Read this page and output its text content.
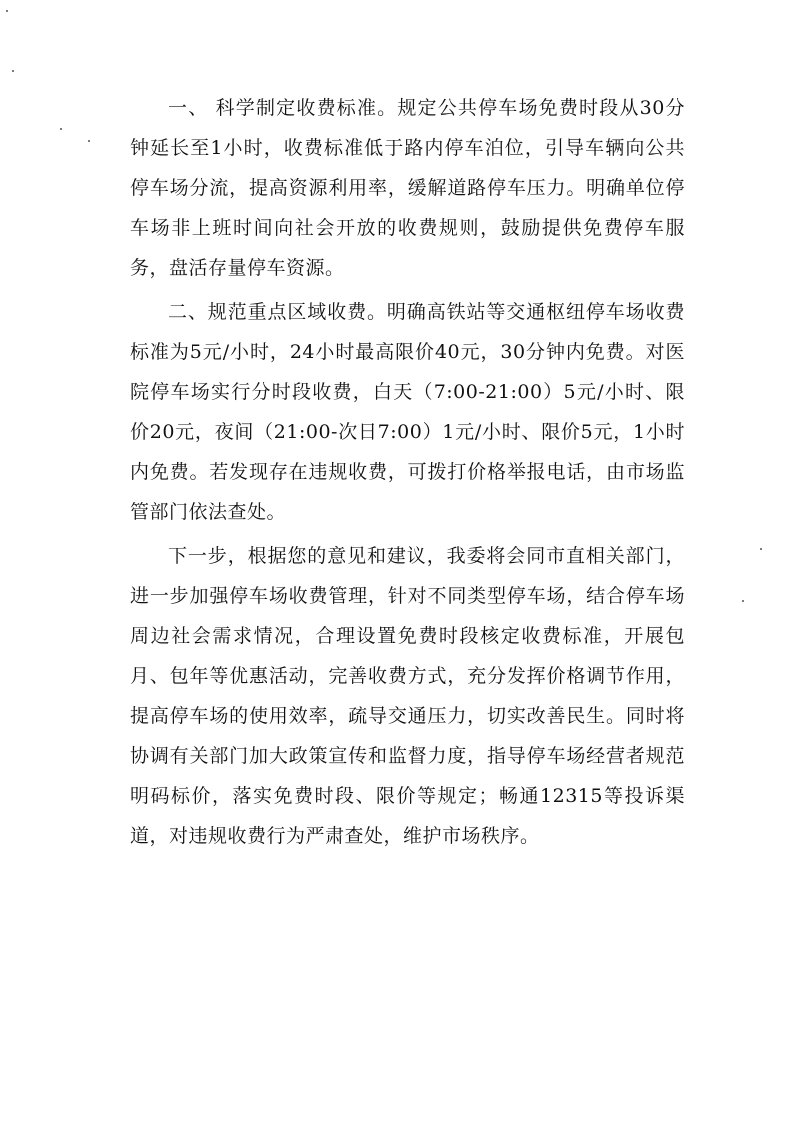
一、 科学制定收费标准。规定公共停车场免费时段从30分钟延长至1小时，收费标准低于路内停车泊位，引导车辆向公共停车场分流，提高资源利用率，缓解道路停车压力。明确单位停车场非上班时间向社会开放的收费规则，鼓励提供免费停车服务，盘活存量停车资源。

二、规范重点区域收费。明确高铁站等交通枢纽停车场收费标准为5元/小时，24小时最高限价40元，30分钟内免费。对医院停车场实行分时段收费，白天（7:00-21:00）5元/小时、限价20元，夜间（21:00-次日7:00）1元/小时、限价5元，1小时内免费。若发现存在违规收费，可拨打价格举报电话，由市场监管部门依法查处。

下一步，根据您的意见和建议，我委将会同市直相关部门，进一步加强停车场收费管理，针对不同类型停车场，结合停车场周边社会需求情况，合理设置免费时段核定收费标准，开展包月、包年等优惠活动，完善收费方式，充分发挥价格调节作用，提高停车场的使用效率，疏导交通压力，切实改善民生。同时将协调有关部门加大政策宣传和监督力度，指导停车场经营者规范明码标价，落实免费时段、限价等规定；畅通12315等投诉渠道，对违规收费行为严肃查处，维护市场秩序。
